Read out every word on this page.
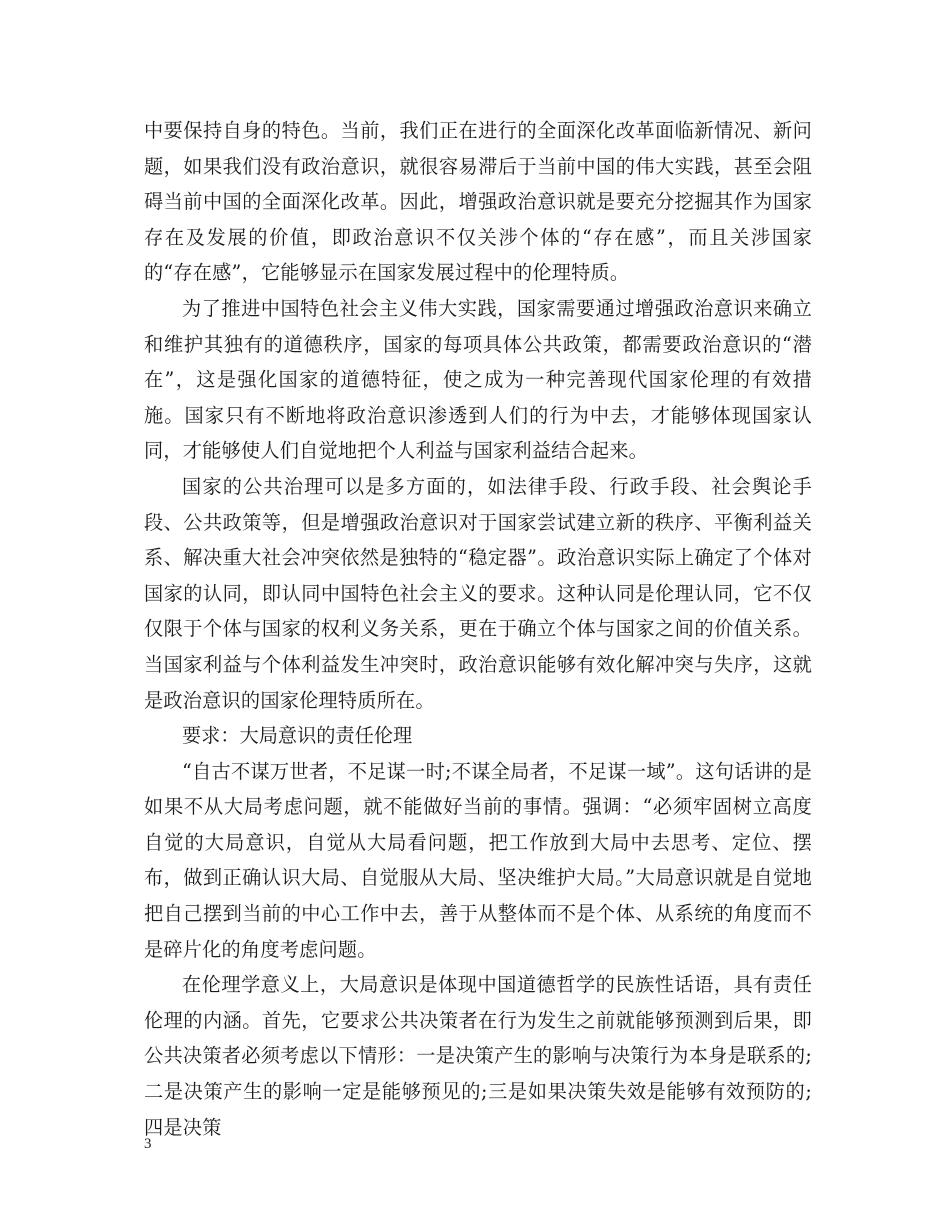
中要保持自身的特色。当前，我们正在进行的全面深化改革面临新情况、新问题，如果我们没有政治意识，就很容易滞后于当前中国的伟大实践，甚至会阻碍当前中国的全面深化改革。因此，增强政治意识就是要充分挖掘其作为国家存在及发展的价值，即政治意识不仅关涉个体的“存在感”，而且关涉国家的“存在感”，它能够显示在国家发展过程中的伦理特质。

为了推进中国特色社会主义伟大实践，国家需要通过增强政治意识来确立和维护其独有的道德秩序，国家的每项具体公共政策，都需要政治意识的“潜在”，这是强化国家的道德特征，使之成为一种完善现代国家伦理的有效措施。国家只有不断地将政治意识渗透到人们的行为中去，才能够体现国家认同，才能够使人们自觉地把个人利益与国家利益结合起来。

国家的公共治理可以是多方面的，如法律手段、行政手段、社会舆论手段、公共政策等，但是增强政治意识对于国家尝试建立新的秩序、平衡利益关系、解决重大社会冲突依然是独特的“稳定器”。政治意识实际上确定了个体对国家的认同，即认同中国特色社会主义的要求。这种认同是伦理认同，它不仅仅限于个体与国家的权利义务关系，更在于确立个体与国家之间的价值关系。当国家利益与个体利益发生冲突时，政治意识能够有效化解冲突与失序，这就是政治意识的国家伦理特质所在。

要求：大局意识的责任伦理

“自古不谋万世者，不足谋一时;不谋全局者，不足谋一域”。这句话讲的是如果不从大局考虑问题，就不能做好当前的事情。强调：“必须牢固树立高度自觉的大局意识，自觉从大局看问题，把工作放到大局中去思考、定位、摆布，做到正确认识大局、自觉服从大局、坚决维护大局。”大局意识就是自觉地把自己摆到当前的中心工作中去，善于从整体而不是个体、从系统的角度而不是碎片化的角度考虑问题。

在伦理学意义上，大局意识是体现中国道德哲学的民族性话语，具有责任伦理的内涵。首先，它要求公共决策者在行为发生之前就能够预测到后果，即公共决策者必须考虑以下情形：一是决策产生的影响与决策行为本身是联系的;二是决策产生的影响一定是能够预见的;三是如果决策失效是能够有效预防的;四是决策

3
